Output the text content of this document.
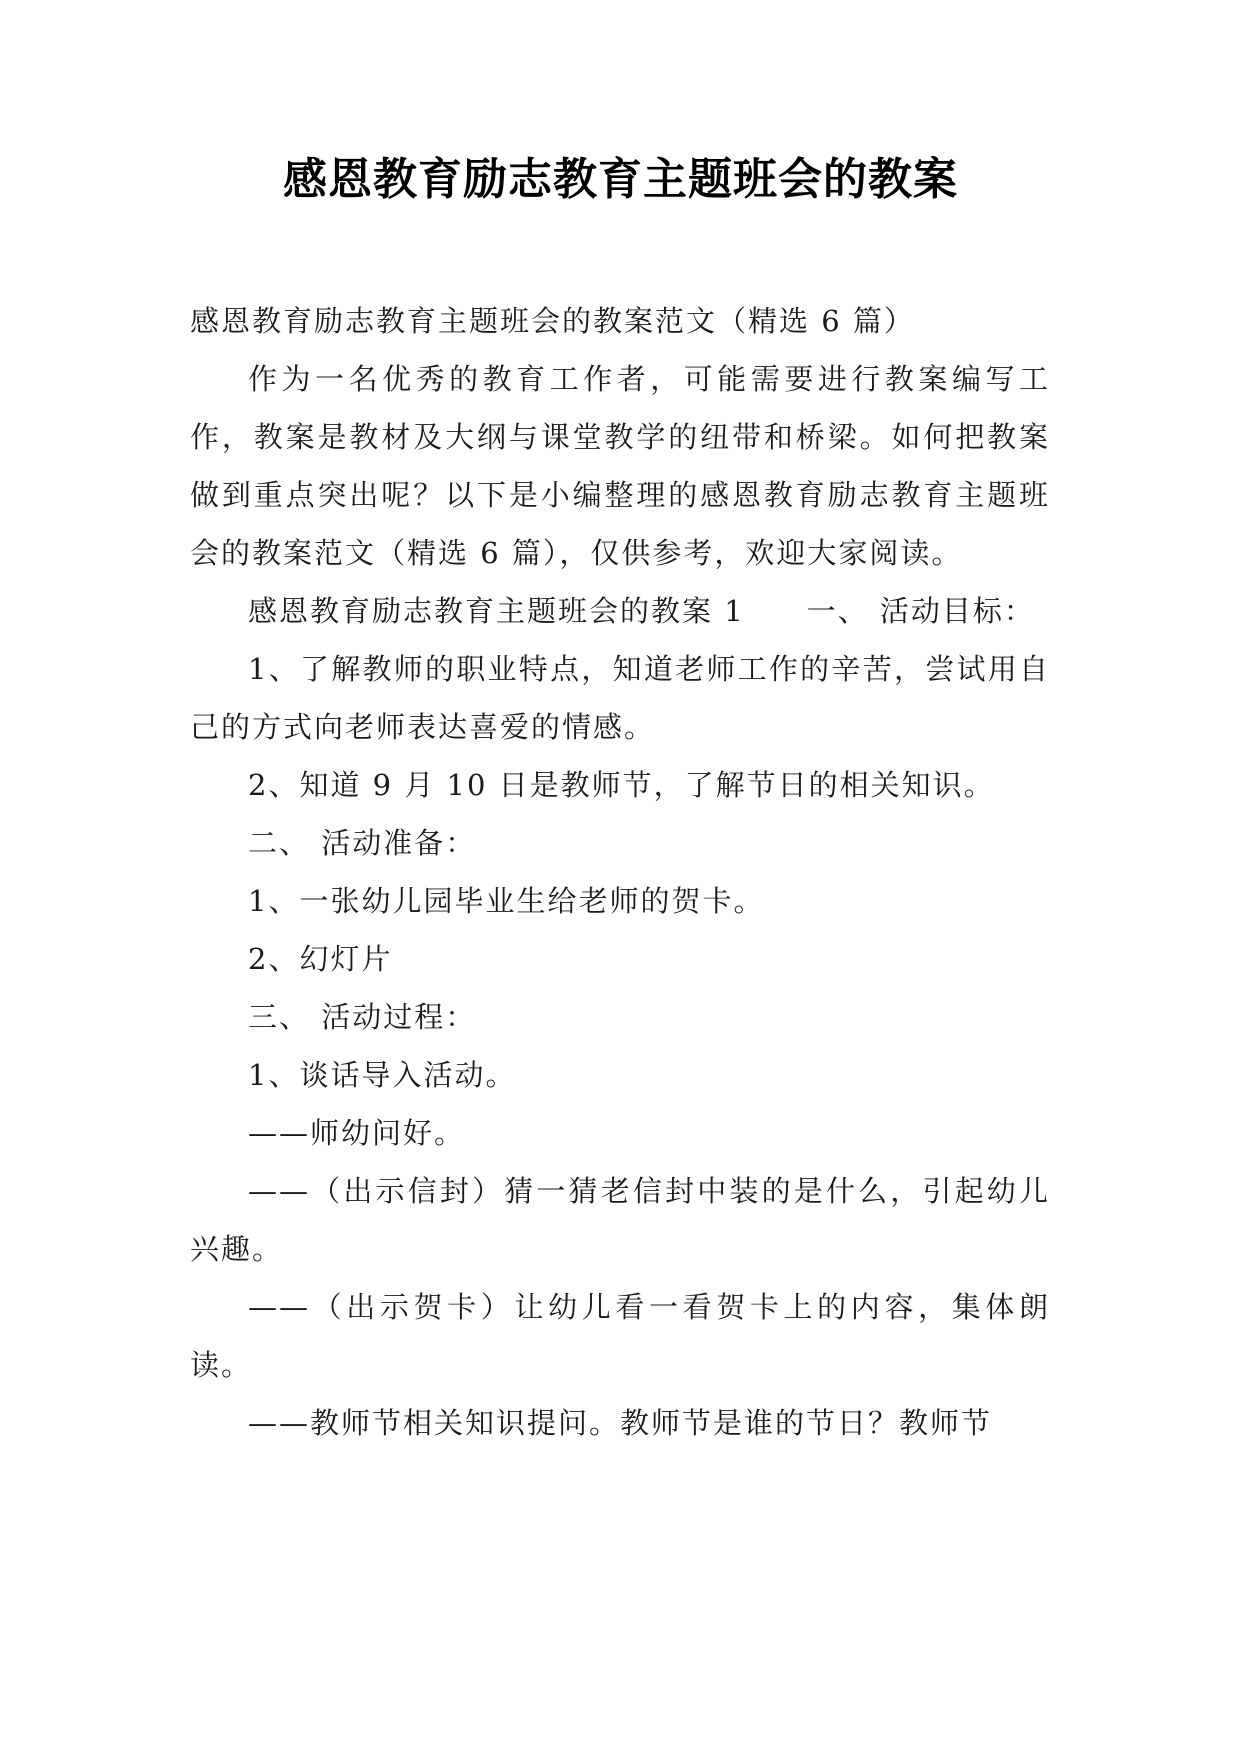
感恩教育励志教育主题班会的教案

感恩教育励志教育主题班会的教案范文（精选 6 篇）

作为一名优秀的教育工作者，可能需要进行教案编写工作，教案是教材及大纲与课堂教学的纽带和桥梁。如何把教案做到重点突出呢？以下是小编整理的感恩教育励志教育主题班会的教案范文（精选 6 篇），仅供参考，欢迎大家阅读。

感恩教育励志教育主题班会的教案 1　　一、 活动目标：

1、了解教师的职业特点，知道老师工作的辛苦，尝试用自己的方式向老师表达喜爱的情感。

2、知道 9 月 10 日是教师节，了解节日的相关知识。

二、 活动准备：

1、一张幼儿园毕业生给老师的贺卡。

2、幻灯片

三、 活动过程：

1、谈话导入活动。

——师幼问好。

——（出示信封）猜一猜老信封中装的是什么，引起幼儿兴趣。

——（出示贺卡）让幼儿看一看贺卡上的内容，集体朗读。

——教师节相关知识提问。教师节是谁的节日？教师节
